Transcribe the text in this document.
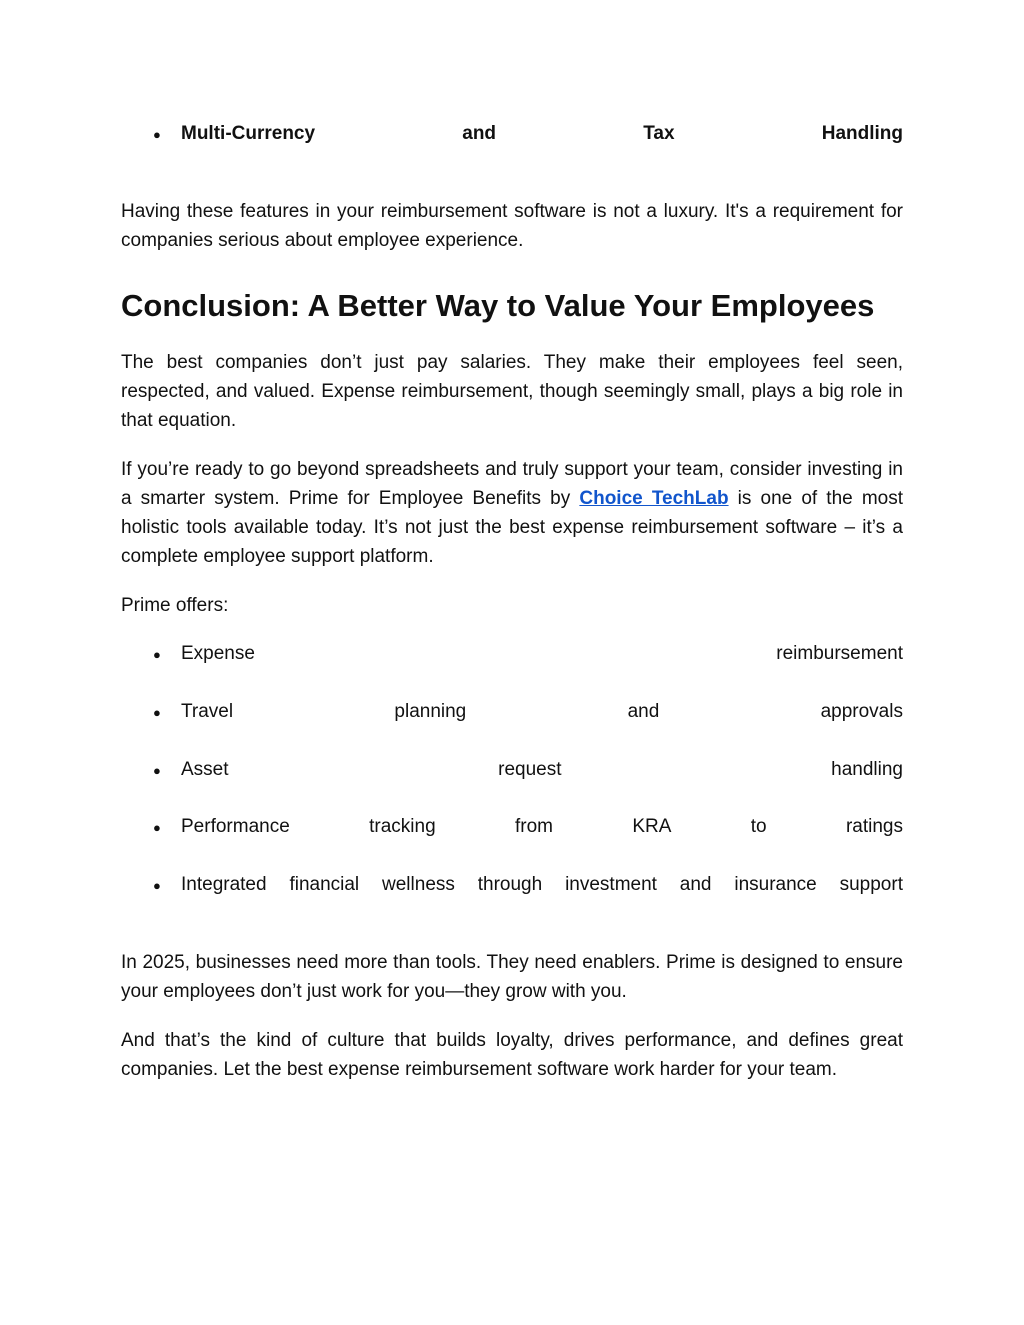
●	Multi-Currency	and	Tax	Handling

Having these features in your reimbursement software is not a luxury. It's a requirement for companies serious about employee experience.

Conclusion: A Better Way to Value Your Employees

The best companies don’t just pay salaries. They make their employees feel seen, respected, and valued. Expense reimbursement, though seemingly small, plays a big role in that equation.

If you’re ready to go beyond spreadsheets and truly support your team, consider investing in a smarter system. Prime for Employee Benefits by Choice TechLab is one of the most holistic tools available today. It’s not just the best expense reimbursement software – it’s a complete employee support platform.

Prime offers:

●	Expense	reimbursement
●	Travel	planning	and	approvals
●	Asset	request	handling
●	Performance	tracking	from	KRA	to	ratings
●	Integrated financial wellness through investment and insurance support

In 2025, businesses need more than tools. They need enablers. Prime is designed to ensure your employees don’t just work for you—they grow with you.

And that’s the kind of culture that builds loyalty, drives performance, and defines great companies. Let the best expense reimbursement software work harder for your team.
